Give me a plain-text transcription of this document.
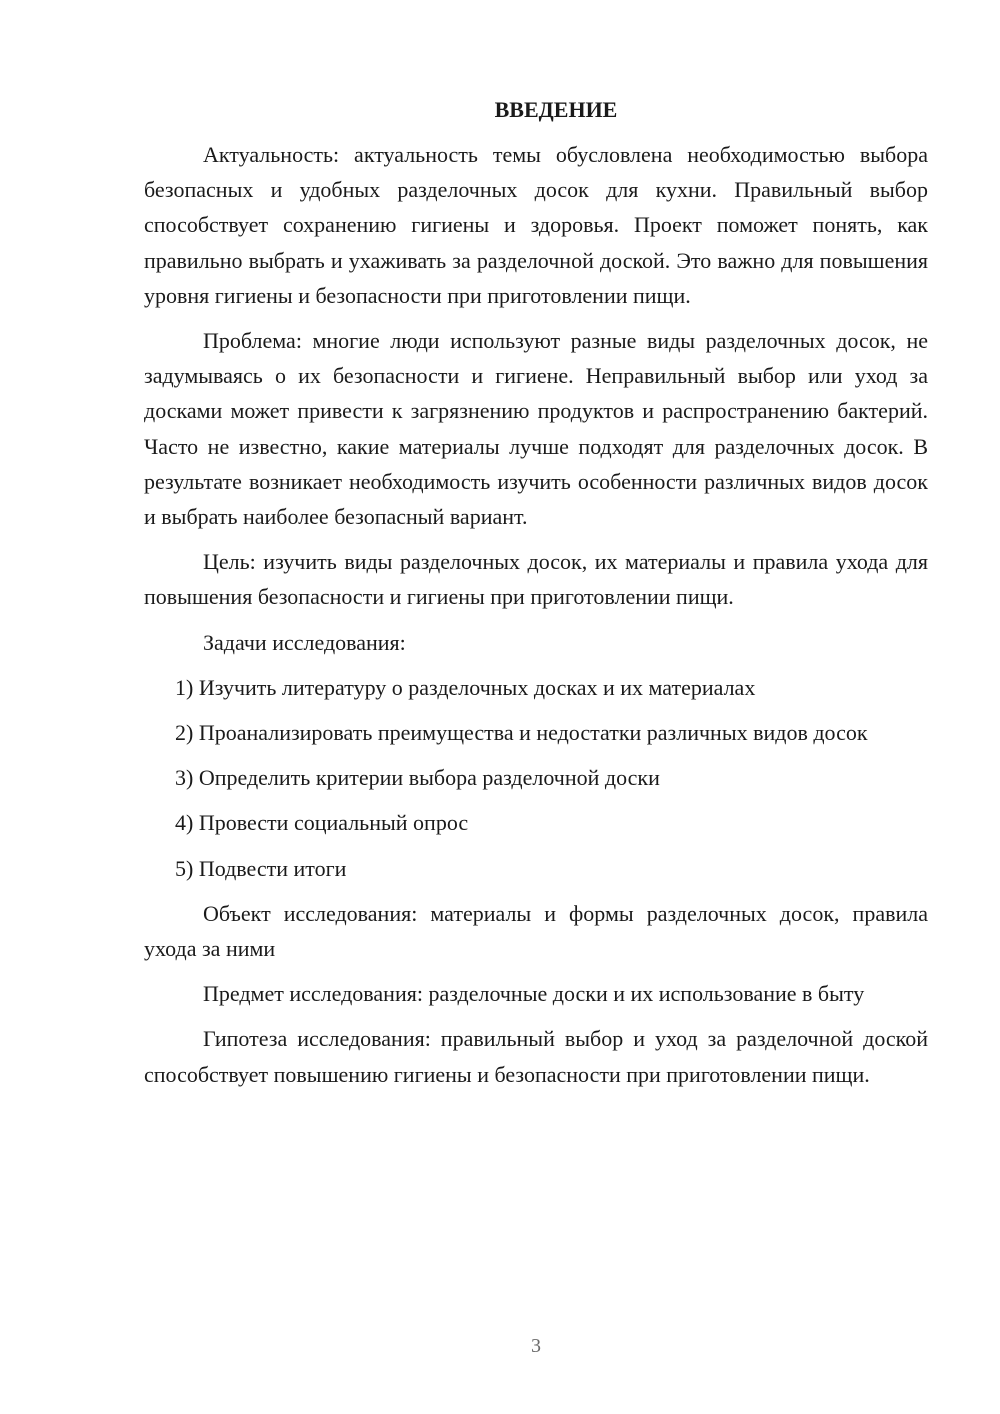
ВВЕДЕНИЕ

Актуальность: актуальность темы обусловлена необходимостью выбора безопасных и удобных разделочных досок для кухни. Правильный выбор способствует сохранению гигиены и здоровья. Проект поможет понять, как правильно выбрать и ухаживать за разделочной доской. Это важно для повышения уровня гигиены и безопасности при приготовлении пищи.

Проблема: многие люди используют разные виды разделочных досок, не задумываясь о их безопасности и гигиене. Неправильный выбор или уход за досками может привести к загрязнению продуктов и распространению бактерий. Часто не известно, какие материалы лучше подходят для разделочных досок. В результате возникает необходимость изучить особенности различных видов досок и выбрать наиболее безопасный вариант.

Цель: изучить виды разделочных досок, их материалы и правила ухода для повышения безопасности и гигиены при приготовлении пищи.

Задачи исследования:

1) Изучить литературу о разделочных досках и их материалах

2) Проанализировать преимущества и недостатки различных видов досок

3) Определить критерии выбора разделочной доски

4) Провести социальный опрос

5) Подвести итоги

Объект исследования: материалы и формы разделочных досок, правила ухода за ними

Предмет исследования: разделочные доски и их использование в быту

Гипотеза исследования: правильный выбор и уход за разделочной доской способствует повышению гигиены и безопасности при приготовлении пищи.

3
